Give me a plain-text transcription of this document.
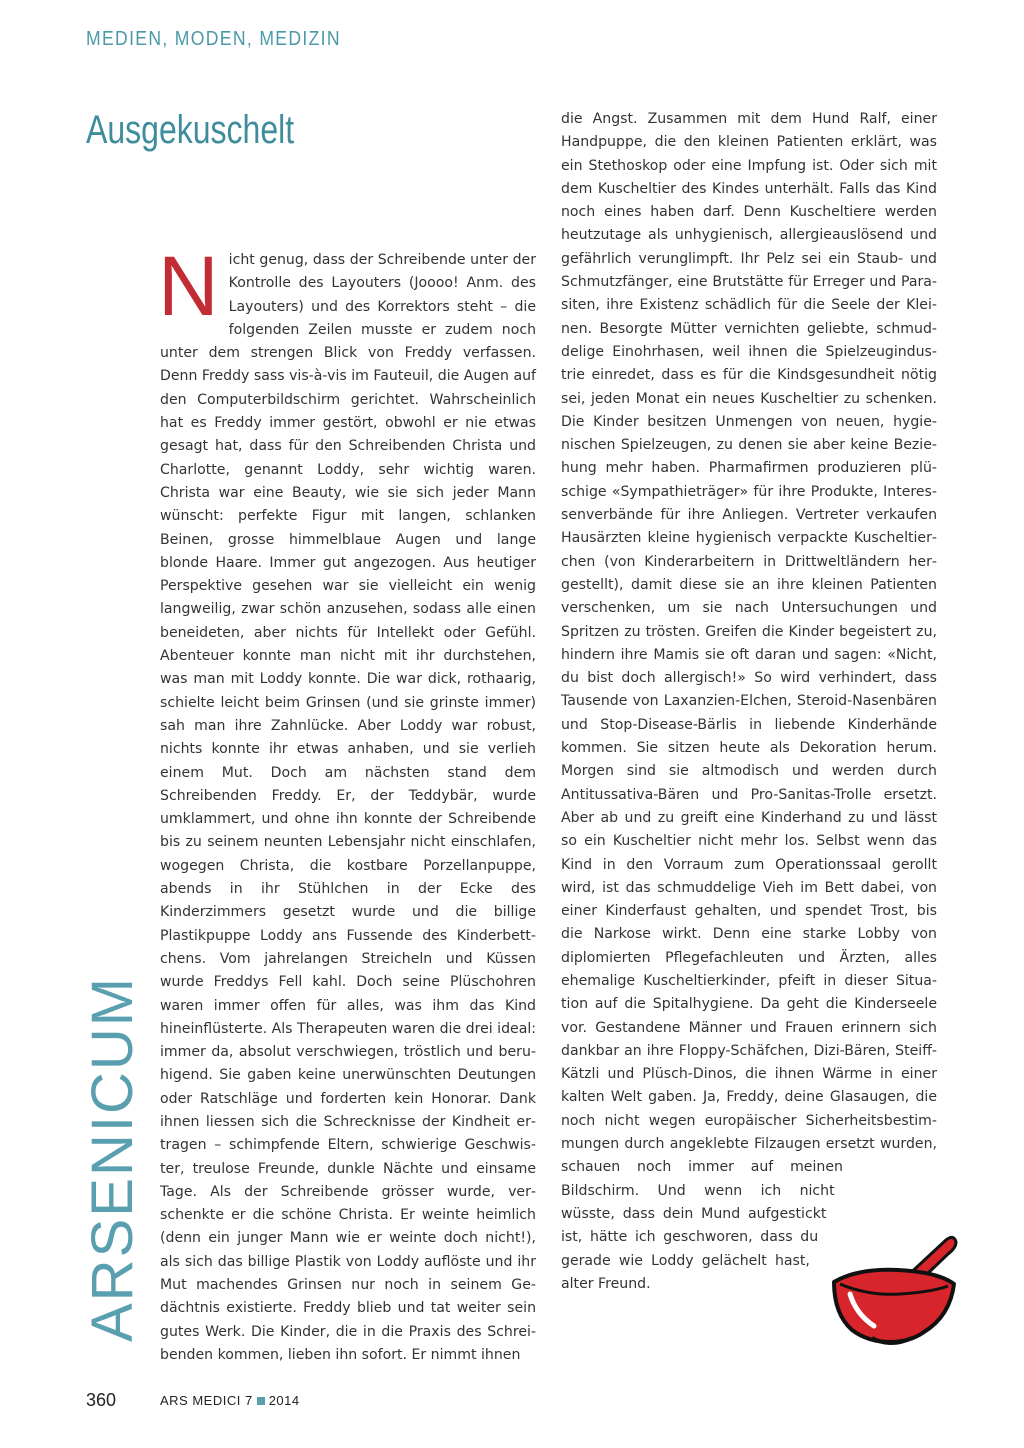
MEDIEN, MODEN, MEDIZIN
Ausgekuschelt
ARSENICUM
N icht genug, dass der Schreibende unter der Kontrolle des Layouters (Joooo! Anm. des Layouters) und des Korrektors steht – die folgenden Zeilen musste er zudem noch unter dem strengen Blick von Freddy verfassen. Denn Freddy sass vis-à-vis im Fauteuil, die Augen auf den Computerbildschirm gerichtet. Wahrscheinlich hat es Freddy immer gestört, obwohl er nie etwas gesagt hat, dass für den Schreibenden Christa und Charlotte, genannt Loddy, sehr wichtig waren. Christa war eine Beauty, wie sie sich jeder Mann wünscht: perfekte Figur mit langen, schlanken Beinen, grosse himmelblaue Augen und lange blonde Haare. Immer gut angezogen. Aus heutiger Perspektive gesehen war sie vielleicht ein wenig langweilig, zwar schön anzusehen, sodass alle einen beneideten, aber nichts für Intellekt oder Gefühl. Abenteuer konnte man nicht mit ihr durchstehen, was man mit Loddy konnte. Die war dick, rothaarig, schielte leicht beim Grinsen (und sie grinste immer) sah man ihre Zahnlücke. Aber Loddy war robust, nichts konnte ihr etwas anhaben, und sie verlieh einem Mut. Doch am nächsten stand dem Schreibenden Freddy. Er, der Teddybär, wurde umklammert, und ohne ihn konnte der Schreibende bis zu seinem neunten Lebensjahr nicht einschlafen, wogegen Christa, die kostbare Porzellanpuppe, abends in ihr Stühlchen in der Ecke des Kinderzimmers gesetzt wurde und die billige Plastikpuppe Loddy ans Fussende des Kinderbettchens. Vom jahrelangen Streicheln und Küssen wurde Freddys Fell kahl. Doch seine Plüschohren waren immer offen für alles, was ihm das Kind hineinflüsterte. Als Therapeuten waren die drei ideal: immer da, absolut verschwiegen, tröstlich und beruhigend. Sie gaben keine unerwünschten Deutungen oder Ratschläge und forderten kein Honorar. Dank ihnen liessen sich die Schrecknisse der Kindheit ertragen – schimpfende Eltern, schwierige Geschwister, treulose Freunde, dunkle Nächte und einsame Tage. Als der Schreibende grösser wurde, verschenkte er die schöne Christa. Er weinte heimlich (denn ein junger Mann wie er weinte doch nicht!), als sich das billige Plastik von Loddy auflöste und ihr Mut machendes Grinsen nur noch in seinem Gedächtnis existierte. Freddy blieb und tat weiter sein gutes Werk. Die Kinder, die in die Praxis des Schreibenden kommen, lieben ihn sofort. Er nimmt ihnen
die Angst. Zusammen mit dem Hund Ralf, einer Handpuppe, die den kleinen Patienten erklärt, was ein Stethoskop oder eine Impfung ist. Oder sich mit dem Kuscheltier des Kindes unterhält. Falls das Kind noch eines haben darf. Denn Kuscheltiere werden heutzutage als unhygienisch, allergieauslösend und gefährlich verunglimpft. Ihr Pelz sei ein Staub- und Schmutzfänger, eine Brutstätte für Erreger und Parasiten, ihre Existenz schädlich für die Seele der Kleinen. Besorgte Mütter vernichten geliebte, schmuddelige Einohrhasen, weil ihnen die Spielzeugindustrie einredet, dass es für die Kindsgesundheit nötig sei, jeden Monat ein neues Kuscheltier zu schenken. Die Kinder besitzen Unmengen von neuen, hygienischen Spielzeugen, zu denen sie aber keine Beziehung mehr haben. Pharmafirmen produzieren plüschige «Sympathieträger» für ihre Produkte, Interessenverbände für ihre Anliegen. Vertreter verkaufen Hausärzten kleine hygienisch verpackte Kuscheltierchen (von Kinderarbeitern in Drittweltländern hergestellt), damit diese sie an ihre kleinen Patienten verschenken, um sie nach Untersuchungen und Spritzen zu trösten. Greifen die Kinder begeistert zu, hindern ihre Mamis sie oft daran und sagen: «Nicht, du bist doch allergisch!» So wird verhindert, dass Tausende von Laxanzien-Elchen, Steroid-Nasenbären und Stop-Disease-Bärlis in liebende Kinderhände kommen. Sie sitzen heute als Dekoration herum. Morgen sind sie altmodisch und werden durch Antitussativa-Bären und Pro-Sanitas-Trolle ersetzt. Aber ab und zu greift eine Kinderhand zu und lässt so ein Kuscheltier nicht mehr los. Selbst wenn das Kind in den Vorraum zum Operationssaal gerollt wird, ist das schmuddelige Vieh im Bett dabei, von einer Kinderfaust gehalten, und spendet Trost, bis die Narkose wirkt. Denn eine starke Lobby von diplomierten Pflegefachleuten und Ärzten, alles ehemalige Kuscheltierkinder, pfeift in dieser Situation auf die Spitalhygiene. Da geht die Kinderseele vor. Gestandene Männer und Frauen erinnern sich dankbar an ihre Floppy-Schäfchen, Dizi-Bären, Steiff-Kätzli und Plüsch-Dinos, die ihnen Wärme in einer kalten Welt gaben. Ja, Freddy, deine Glasaugen, die noch nicht wegen europäischer Sicherheitsbestimmungen durch angeklebte Filzaugen ersetzt wurden, schauen noch immer auf meinen Bildschirm. Und wenn ich nicht wüsste, dass dein Mund aufgestickt ist, hätte ich geschworen, dass du gerade wie Loddy gelächelt hast, alter Freund.
360	ARS MEDICI 7 2014
